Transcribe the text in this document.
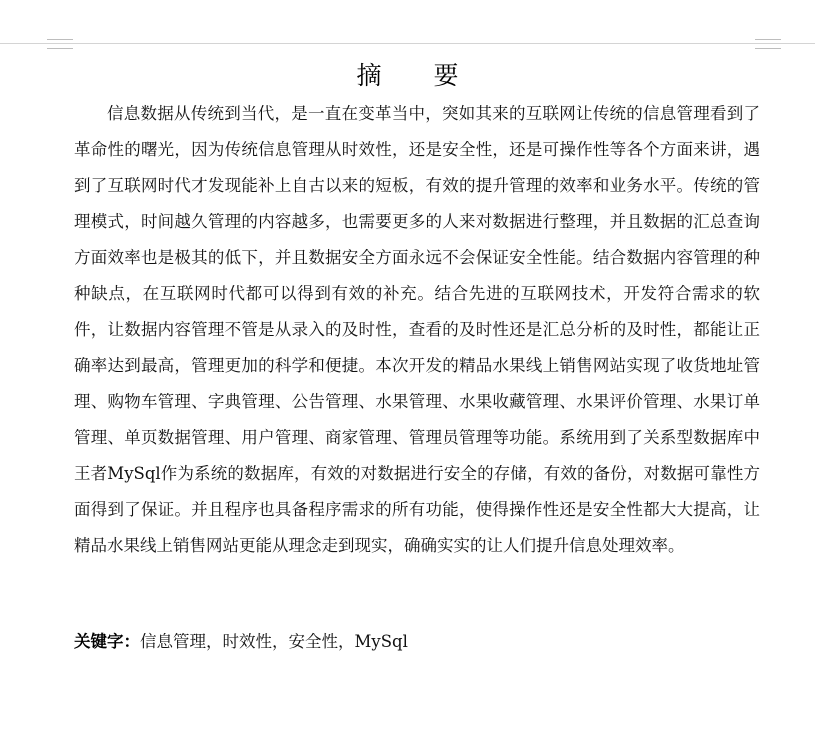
摘 要

信息数据从传统到当代，是一直在变革当中，突如其来的互联网让传统的信息管理看到了革命性的曙光，因为传统信息管理从时效性，还是安全性，还是可操作性等各个方面来讲，遇到了互联网时代才发现能补上自古以来的短板，有效的提升管理的效率和业务水平。传统的管理模式，时间越久管理的内容越多，也需要更多的人来对数据进行整理，并且数据的汇总查询方面效率也是极其的低下，并且数据安全方面永远不会保证安全性能。结合数据内容管理的种种缺点，在互联网时代都可以得到有效的补充。结合先进的互联网技术，开发符合需求的软件，让数据内容管理不管是从录入的及时性，查看的及时性还是汇总分析的及时性，都能让正确率达到最高，管理更加的科学和便捷。本次开发的精品水果线上销售网站实现了收货地址管理、购物车管理、字典管理、公告管理、水果管理、水果收藏管理、水果评价管理、水果订单管理、单页数据管理、用户管理、商家管理、管理员管理等功能。系统用到了关系型数据库中王者MySql作为系统的数据库，有效的对数据进行安全的存储，有效的备份，对数据可靠性方面得到了保证。并且程序也具备程序需求的所有功能，使得操作性还是安全性都大大提高，让精品水果线上销售网站更能从理念走到现实，确确实实的让人们提升信息处理效率。

关键字：信息管理，时效性，安全性，MySql
